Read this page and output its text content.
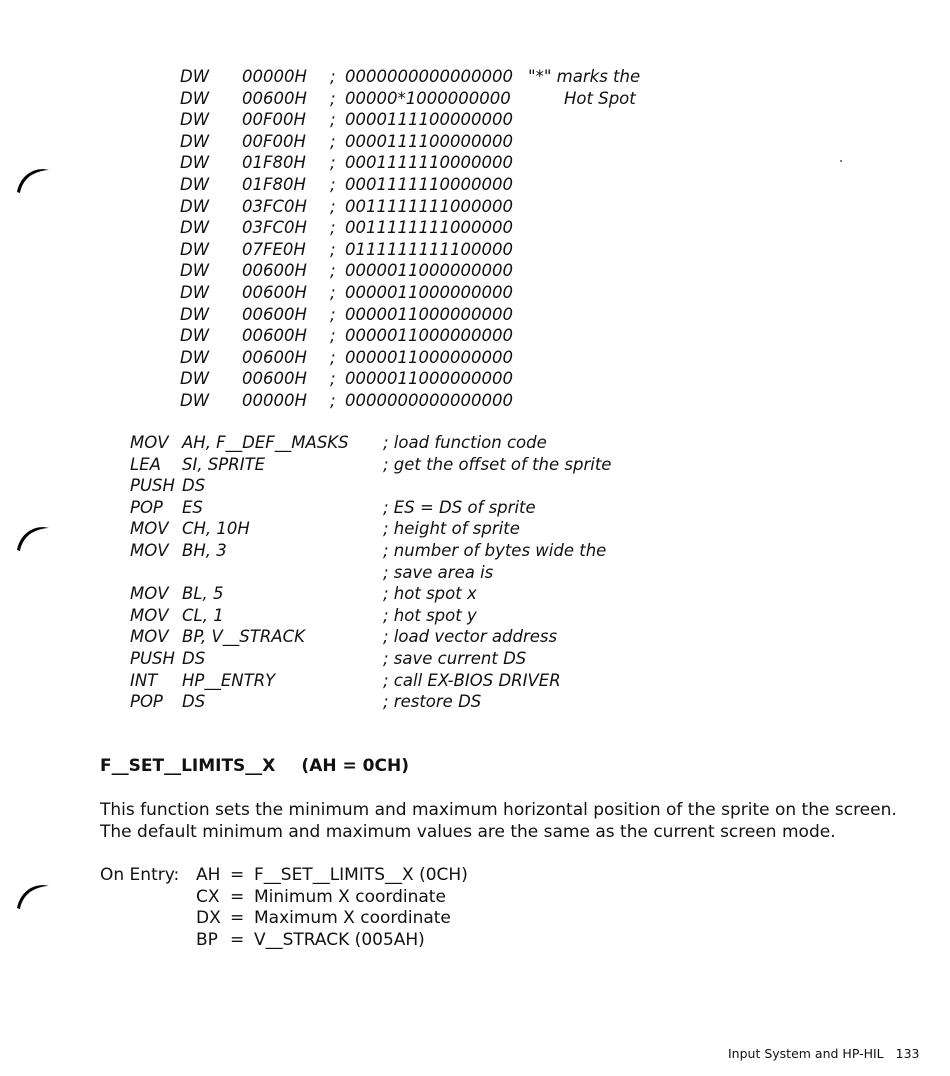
DW 00000H ; 0000000000000000 "*" marks the
DW 00600H ; 00000*1000000000	Hot Spot
DW 00F00H ; 0000111100000000
DW 00F00H ; 0000111100000000
DW 01F80H ; 0001111110000000
DW 01F80H ; 0001111110000000
DW 03FC0H ; 0011111111000000
DW 03FC0H ; 0011111111000000
DW 07FE0H ; 0111111111100000
DW 00600H ; 0000011000000000
DW 00600H ; 0000011000000000
DW 00600H ; 0000011000000000
DW 00600H ; 0000011000000000
DW 00600H ; 0000011000000000
DW 00600H ; 0000011000000000
DW 00000H ; 0000000000000000
MOV AH, F__DEF__MASKS ; load function code
LEA SI, SPRITE	; get the offset of the sprite
PUSH DS
POP ES	; ES = DS of sprite
MOV CH, 10H	; height of sprite
MOV BH, 3	; number of bytes wide the
; save area is
MOV BL, 5	; hot spot x
MOV CL, 1	; hot spot y
MOV BP, V__STRACK	; load vector address
PUSH DS	; save current DS
INT HP__ENTRY	; call EX-BIOS DRIVER
POP DS	; restore DS
F__SET__LIMITS__X (AH = 0CH)
This function sets the minimum and maximum horizontal position of the sprite on the screen. The default minimum and maximum values are the same as the current screen mode.
On Entry: AH = F__SET__LIMITS__X (0CH)
CX = Minimum X coordinate
DX = Maximum X coordinate
BP = V__STRACK (005AH)
Input System and HP-HIL 133
